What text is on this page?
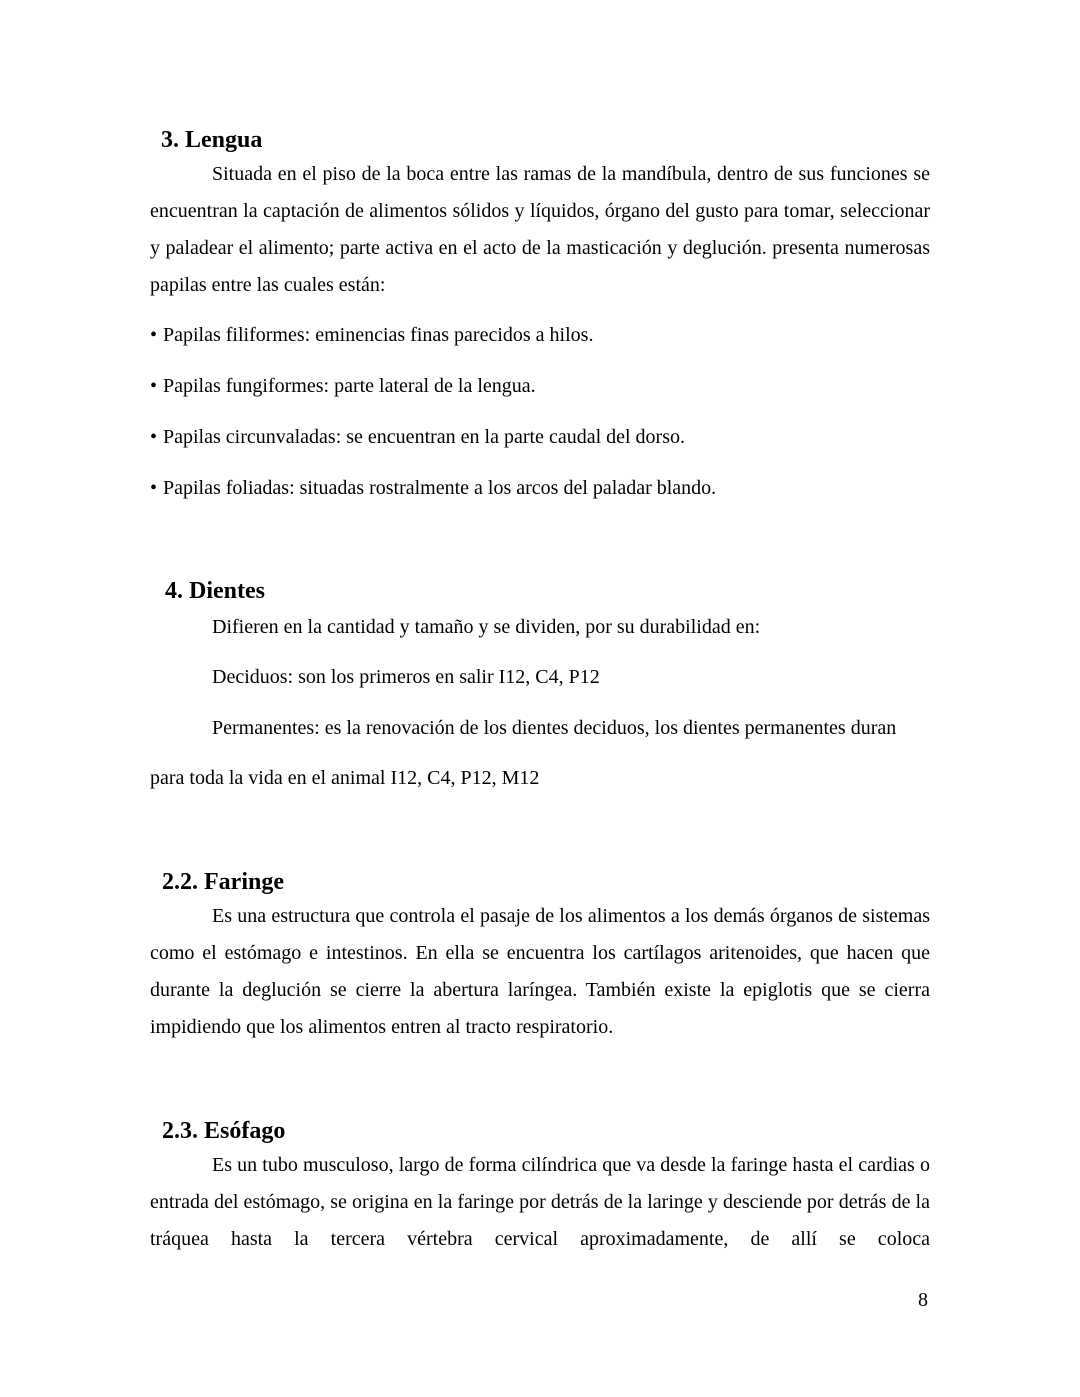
3. Lengua
Situada en el piso de la boca entre las ramas de la mandíbula, dentro de sus funciones se encuentran la captación de alimentos sólidos y líquidos, órgano del gusto para tomar, seleccionar y paladear el alimento; parte activa en el acto de la masticación y deglución. presenta numerosas papilas entre las cuales están:
• Papilas filiformes: eminencias finas parecidos a hilos.
• Papilas fungiformes: parte lateral de la lengua.
• Papilas circunvaladas: se encuentran en la parte caudal del dorso.
• Papilas foliadas: situadas rostralmente a los arcos del paladar blando.
4. Dientes
Difieren en la cantidad y tamaño y se dividen, por su durabilidad en:
Deciduos: son los primeros en salir I12, C4, P12
Permanentes: es la renovación de los dientes deciduos, los dientes permanentes duran
para toda la vida en el animal I12, C4, P12, M12
2.2. Faringe
Es una estructura que controla el pasaje de los alimentos a los demás órganos de sistemas como el estómago e intestinos. En ella se encuentra los cartílagos aritenoides, que hacen que durante la deglución se cierre la abertura laríngea. También existe la epiglotis que se cierra impidiendo que los alimentos entren al tracto respiratorio.
2.3. Esófago
Es un tubo musculoso, largo de forma cilíndrica que va desde la faringe hasta el cardias o entrada del estómago, se origina en la faringe por detrás de la laringe y desciende por detrás de la tráquea hasta la tercera vértebra cervical aproximadamente, de allí se coloca
8
